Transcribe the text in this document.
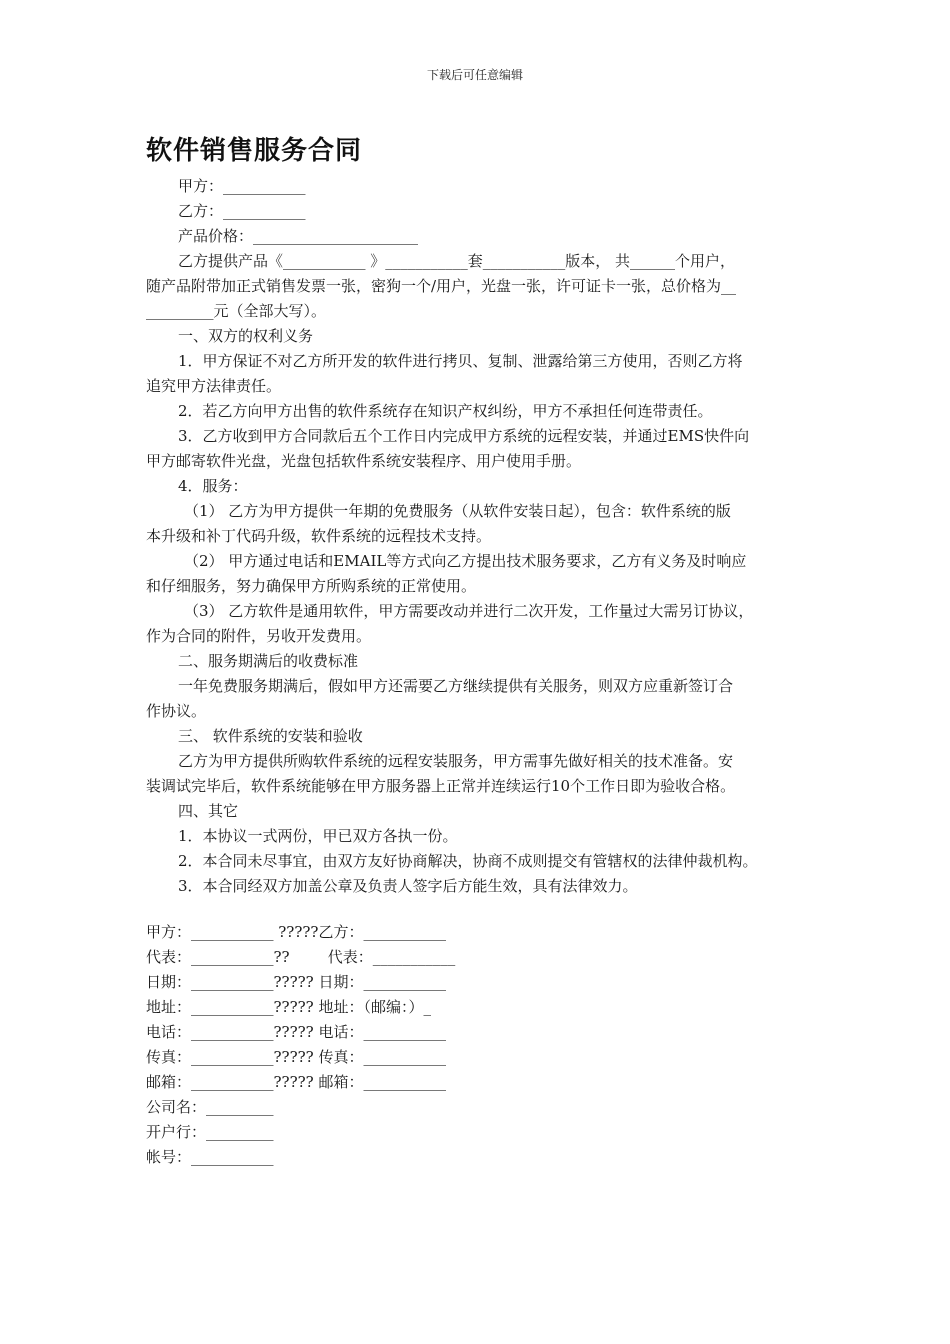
下载后可任意编辑
软件销售服务合同

甲方：___________

乙方：___________

产品价格：______________________

乙方提供产品《___________ 》___________套___________版本， 共______个用户，

随产品附带加正式销售发票一张，密狗一个/用户，光盘一张，许可证卡一张，总价格为__

_________元（全部大写）。

一、双方的权利义务

1．甲方保证不对乙方所开发的软件进行拷贝、复制、泄露给第三方使用，否则乙方将

追究甲方法律责任。

2．若乙方向甲方出售的软件系统存在知识产权纠纷，甲方不承担任何连带责任。

3．乙方收到甲方合同款后五个工作日内完成甲方系统的远程安装，并通过EMS快件向

甲方邮寄软件光盘，光盘包括软件系统安装程序、用户使用手册。

4．服务：

（1） 乙方为甲方提供一年期的免费服务（从软件安装日起），包含：软件系统的版

本升级和补丁代码升级，软件系统的远程技术支持。

（2） 甲方通过电话和EMAIL等方式向乙方提出技术服务要求，乙方有义务及时响应

和仔细服务，努力确保甲方所购系统的正常使用。

（3） 乙方软件是通用软件，甲方需要改动并进行二次开发，工作量过大需另订协议，

作为合同的附件，另收开发费用。

二、服务期满后的收费标准

一年免费服务期满后，假如甲方还需要乙方继续提供有关服务，则双方应重新签订合

作协议。

三、 软件系统的安装和验收

乙方为甲方提供所购软件系统的远程安装服务，甲方需事先做好相关的技术准备。安

装调试完毕后，软件系统能够在甲方服务器上正常并连续运行10个工作日即为验收合格。

四、其它

1．本协议一式两份，甲已双方各执一份。

2．本合同未尽事宜，由双方友好协商解决，协商不成则提交有管辖权的法律仲裁机构。

3．本合同经双方加盖公章及负责人签字后方能生效，具有法律效力。

甲方：___________ ?????乙方：___________

代表：___________??        代表：___________

日期：___________????? 日期：___________

地址：___________????? 地址：（邮编：）_

电话：___________????? 电话：___________

传真：___________????? 传真：___________

邮箱：___________????? 邮箱：___________

公司名：_________

开户行：_________

帐号：___________
